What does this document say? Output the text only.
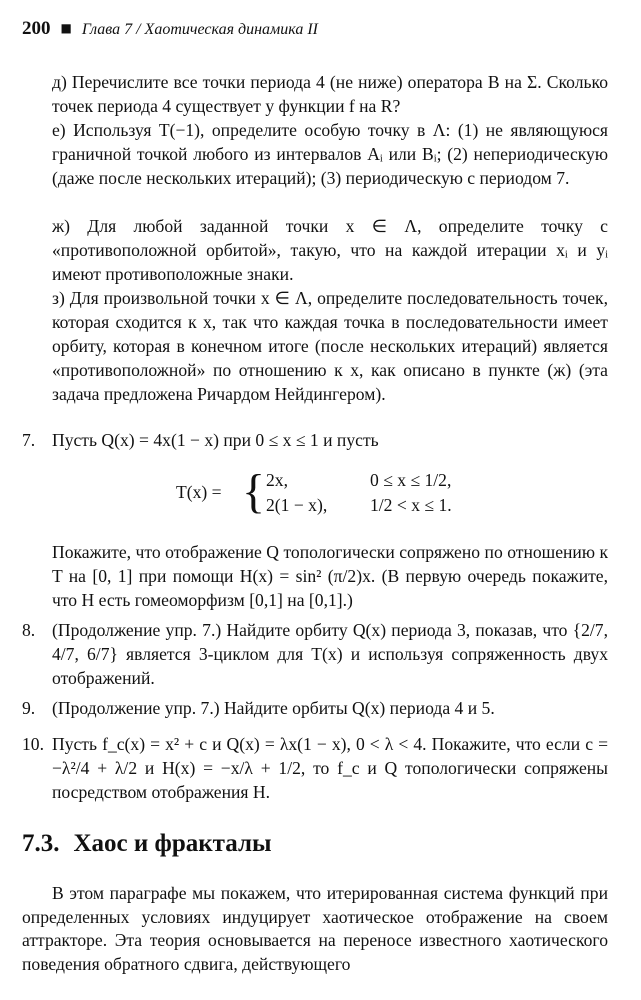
200 ■ Глава 7 / Хаотическая динамика II

д) Перечислите все точки периода 4 (не ниже) оператора B на Σ. Сколько точек периода 4 существует у функции f на R?

е) Используя T(−1), определите особую точку в Λ: (1) не являющуюся граничной точкой любого из интервалов Aᵢ или Bᵢ; (2) непериодическую (даже после нескольких итераций); (3) периодическую с периодом 7.

ж) Для любой заданной точки x ∈ Λ, определите точку с «противоположной орбитой», такую, что на каждой итерации xᵢ и yᵢ имеют противоположные знаки.

з) Для произвольной точки x ∈ Λ, определите последовательность точек, которая сходится к x, так что каждая точка в последовательности имеет орбиту, которая в конечном итоге (после нескольких итераций) является «противоположной» по отношению к x, как описано в пункте (ж) (эта задача предложена Ричардом Нейдингером).

7. Пусть Q(x) = 4x(1 − x) при 0 ≤ x ≤ 1 и пусть
T(x) = { 2x,	0 ≤ x ≤ 1/2,
2(1 − x), 1/2 < x ≤ 1.

Покажите, что отображение Q топологически сопряжено по отношению к T на [0, 1] при помощи H(x) = sin² (π/2)x. (В первую очередь покажите, что H есть гомеоморфизм [0,1] на [0,1].)

8. (Продолжение упр. 7.) Найдите орбиту Q(x) периода 3, показав, что {2/7, 4/7, 6/7} является 3-циклом для T(x) и используя сопряженность двух отображений.
9. (Продолжение упр. 7.) Найдите орбиты Q(x) периода 4 и 5.
10. Пусть f_c(x) = x² + c и Q(x) = λx(1 − x), 0 < λ < 4. Покажите, что если c = −λ²/4 + λ/2 и H(x) = −x/λ + 1/2, то f_c и Q топологически сопряжены посредством отображения H.
7.3. Хаос и фракталы
В этом параграфе мы покажем, что итерированная система функций при определенных условиях индуцирует хаотическое отображение на своем аттракторе. Эта теория основывается на переносе известного хаотического поведения обратного сдвига, действующего
